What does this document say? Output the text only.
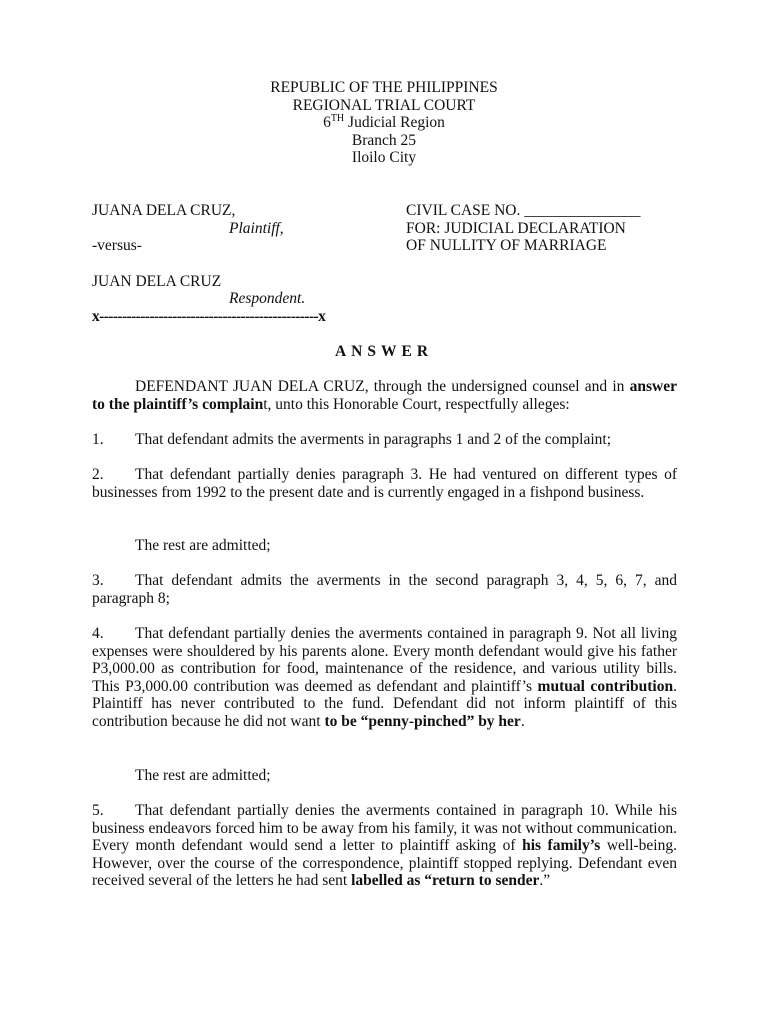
REPUBLIC OF THE PHILIPPINES
REGIONAL TRIAL COURT
6TH Judicial Region
Branch 25
Iloilo City
JUANA DELA CRUZ,
Plaintiff,
-versus-
JUAN DELA CRUZ
Respondent.
x------------------------------------------------x
CIVIL CASE NO. _______________
FOR: JUDICIAL DECLARATION
OF NULLITY OF MARRIAGE
ANSWER
DEFENDANT JUAN DELA CRUZ, through the undersigned counsel and in answer to the plaintiff’s complaint, unto this Honorable Court, respectfully alleges:
1. That defendant admits the averments in paragraphs 1 and 2 of the complaint;
2. That defendant partially denies paragraph 3. He had ventured on different types of businesses from 1992 to the present date and is currently engaged in a fishpond business.
The rest are admitted;
3. That defendant admits the averments in the second paragraph 3, 4, 5, 6, 7, and paragraph 8;
4. That defendant partially denies the averments contained in paragraph 9. Not all living expenses were shouldered by his parents alone. Every month defendant would give his father P3,000.00 as contribution for food, maintenance of the residence, and various utility bills. This P3,000.00 contribution was deemed as defendant and plaintiff’s mutual contribution. Plaintiff has never contributed to the fund. Defendant did not inform plaintiff of this contribution because he did not want to be “penny-pinched” by her.
The rest are admitted;
5. That defendant partially denies the averments contained in paragraph 10. While his business endeavors forced him to be away from his family, it was not without communication. Every month defendant would send a letter to plaintiff asking of his family’s well-being. However, over the course of the correspondence, plaintiff stopped replying. Defendant even received several of the letters he had sent labelled as “return to sender.”
